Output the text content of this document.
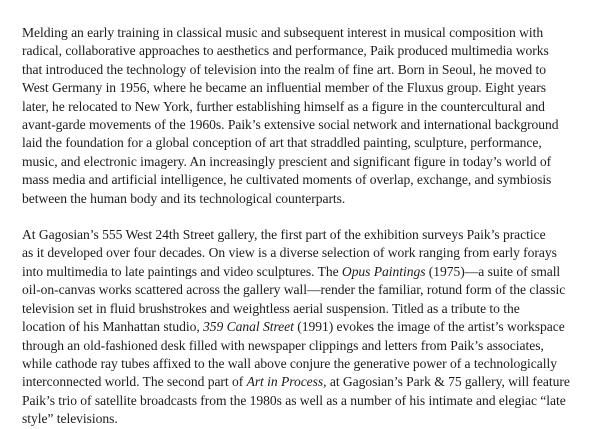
Melding an early training in classical music and subsequent interest in musical composition with
radical, collaborative approaches to aesthetics and performance, Paik produced multimedia works
that introduced the technology of television into the realm of fine art. Born in Seoul, he moved to
West Germany in 1956, where he became an influential member of the Fluxus group. Eight years
later, he relocated to New York, further establishing himself as a figure in the countercultural and
avant-garde movements of the 1960s. Paik’s extensive social network and international background
laid the foundation for a global conception of art that straddled painting, sculpture, performance,
music, and electronic imagery. An increasingly prescient and significant figure in today’s world of
mass media and artificial intelligence, he cultivated moments of overlap, exchange, and symbiosis
between the human body and its technological counterparts.

At Gagosian’s 555 West 24th Street gallery, the first part of the exhibition surveys Paik’s practice
as it developed over four decades. On view is a diverse selection of work ranging from early forays
into multimedia to late paintings and video sculptures. The Opus Paintings (1975)—a suite of small
oil-on-canvas works scattered across the gallery wall—render the familiar, rotund form of the classic
television set in fluid brushstrokes and weightless aerial suspension. Titled as a tribute to the
location of his Manhattan studio, 359 Canal Street (1991) evokes the image of the artist’s workspace
through an old-fashioned desk filled with newspaper clippings and letters from Paik’s associates,
while cathode ray tubes affixed to the wall above conjure the generative power of a technologically
interconnected world. The second part of Art in Process, at Gagosian’s Park & 75 gallery, will feature
Paik’s trio of satellite broadcasts from the 1980s as well as a number of his intimate and elegiac “late
style” televisions.
